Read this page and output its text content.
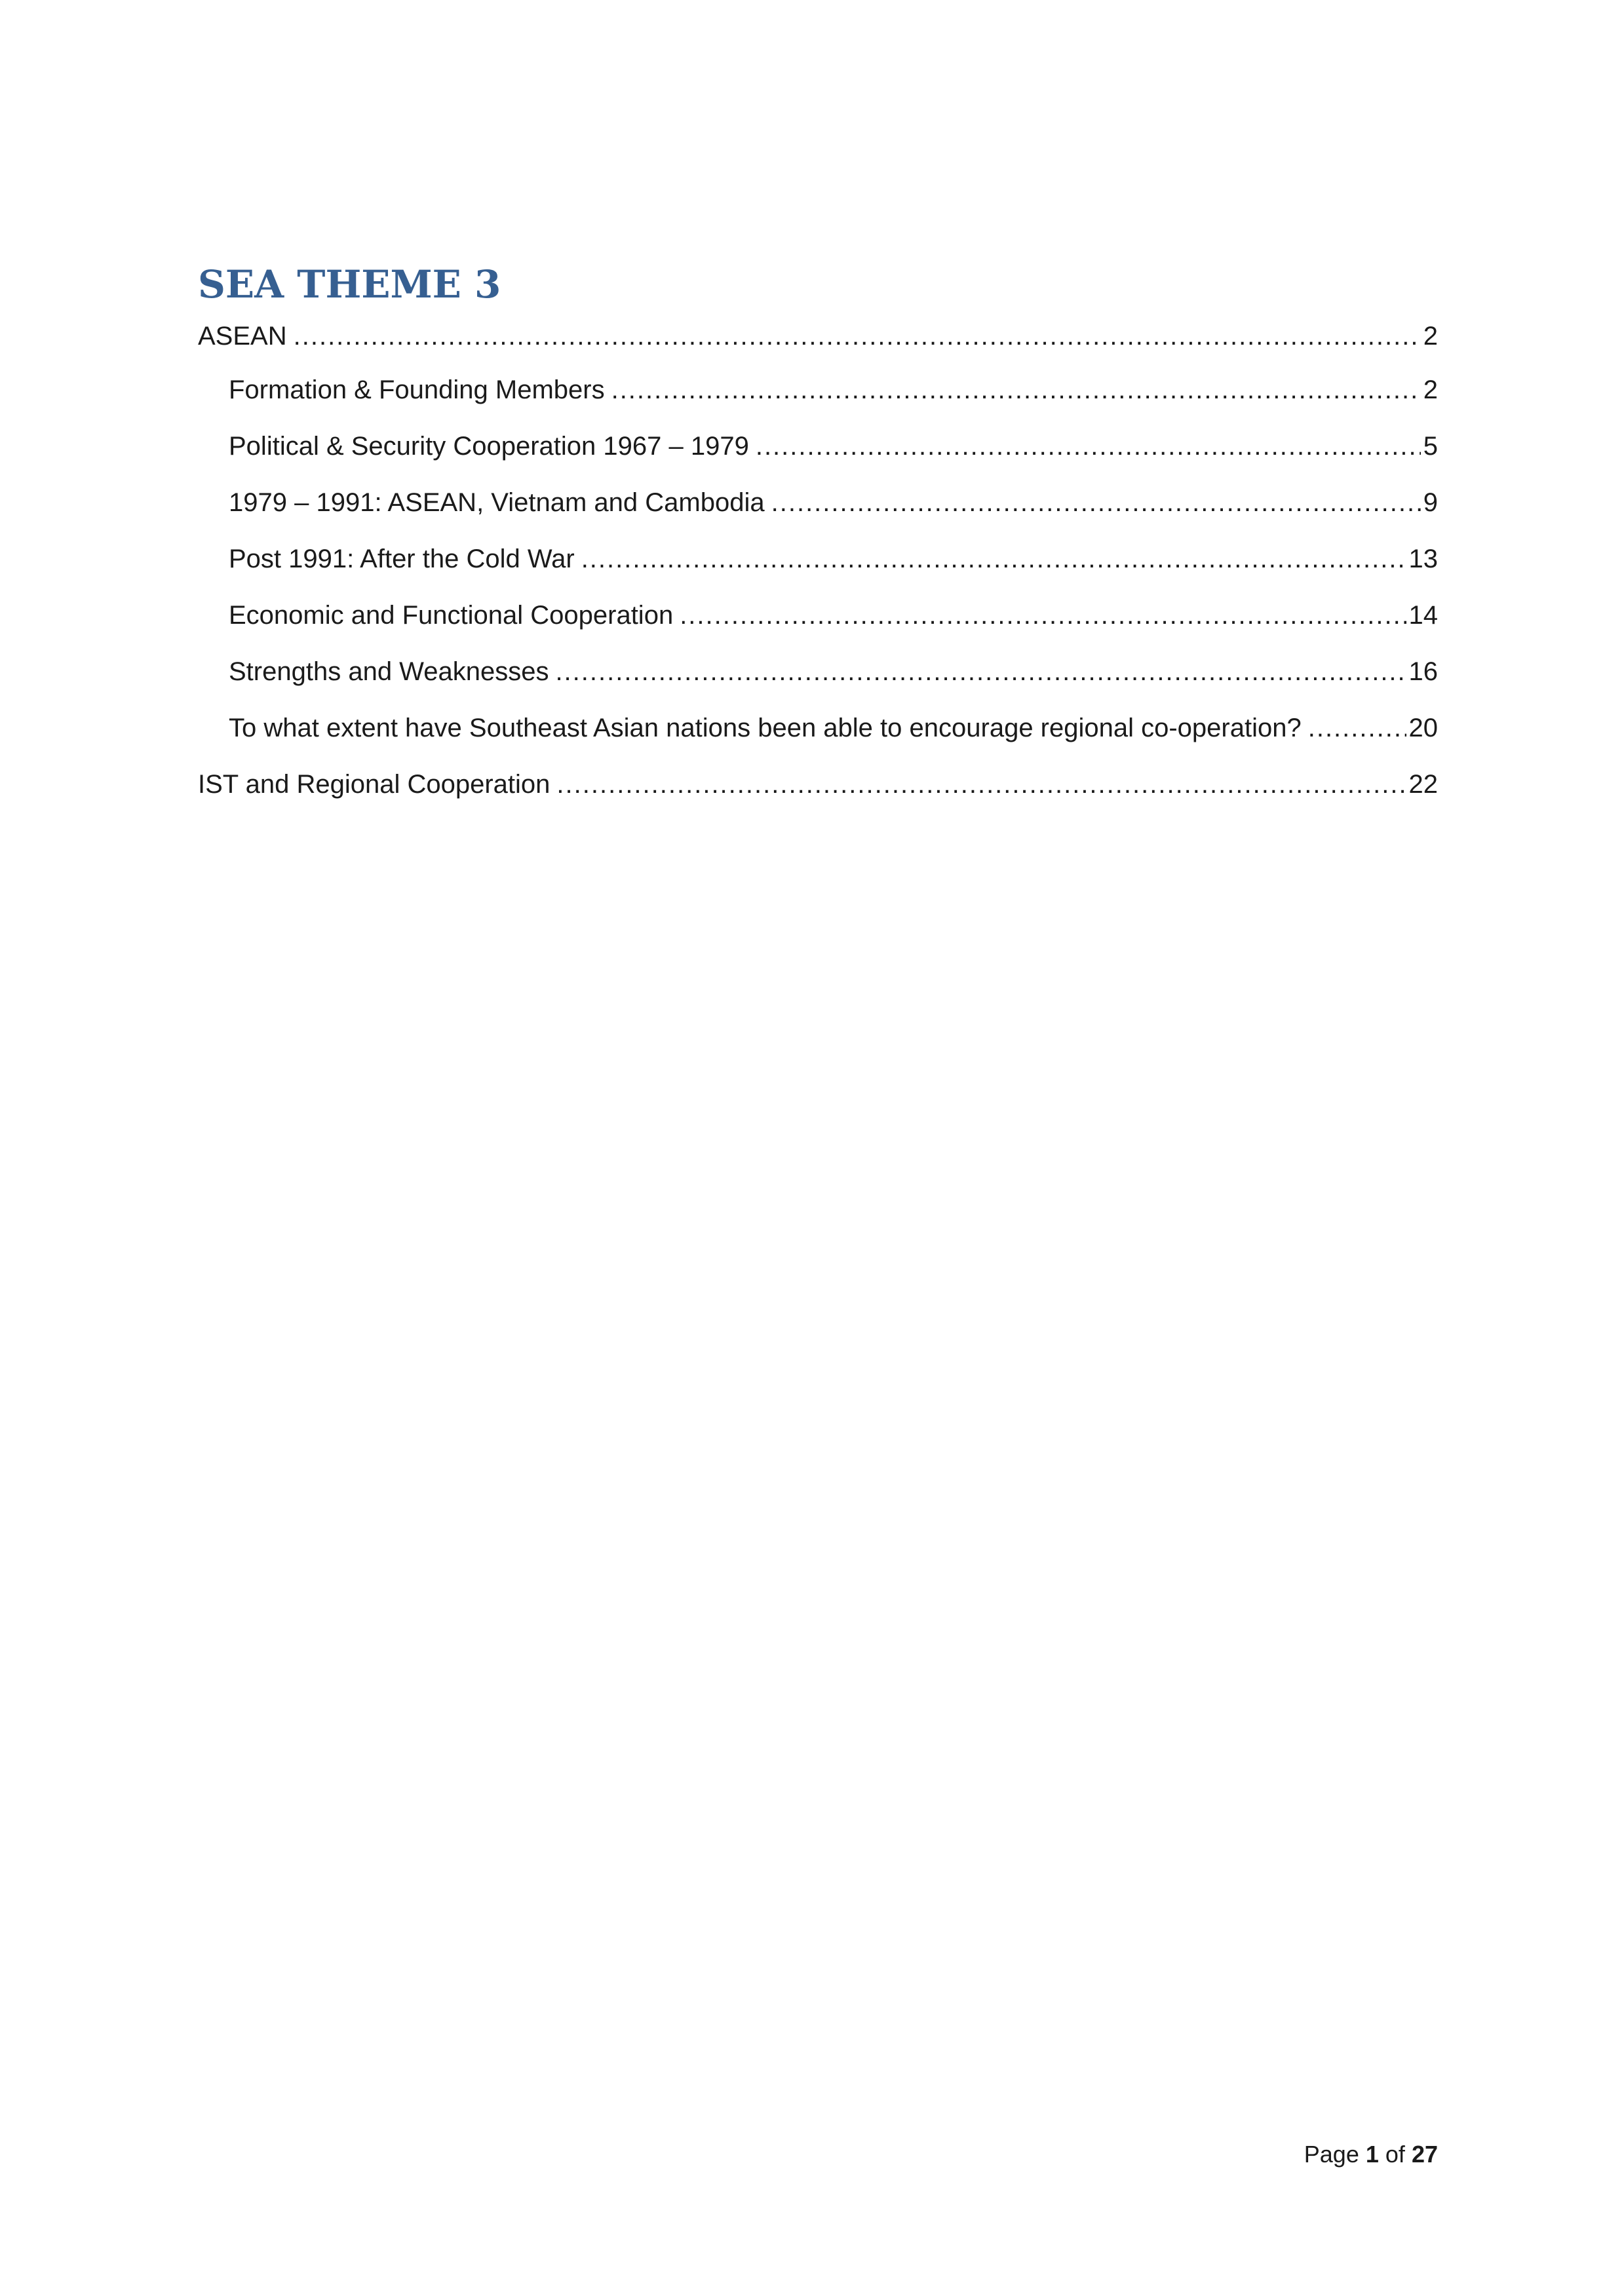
SEA THEME 3
ASEAN .....	2
Formation & Founding Members .....	2
Political & Security Cooperation 1967 – 1979 .....	5
1979 – 1991: ASEAN, Vietnam and Cambodia .....	9
Post 1991: After the Cold War .....	13
Economic and Functional Cooperation .....	14
Strengths and Weaknesses .....	16
To what extent have Southeast Asian nations been able to encourage regional co-operation? .....	20
IST and Regional Cooperation .....	22
Page 1 of 27
